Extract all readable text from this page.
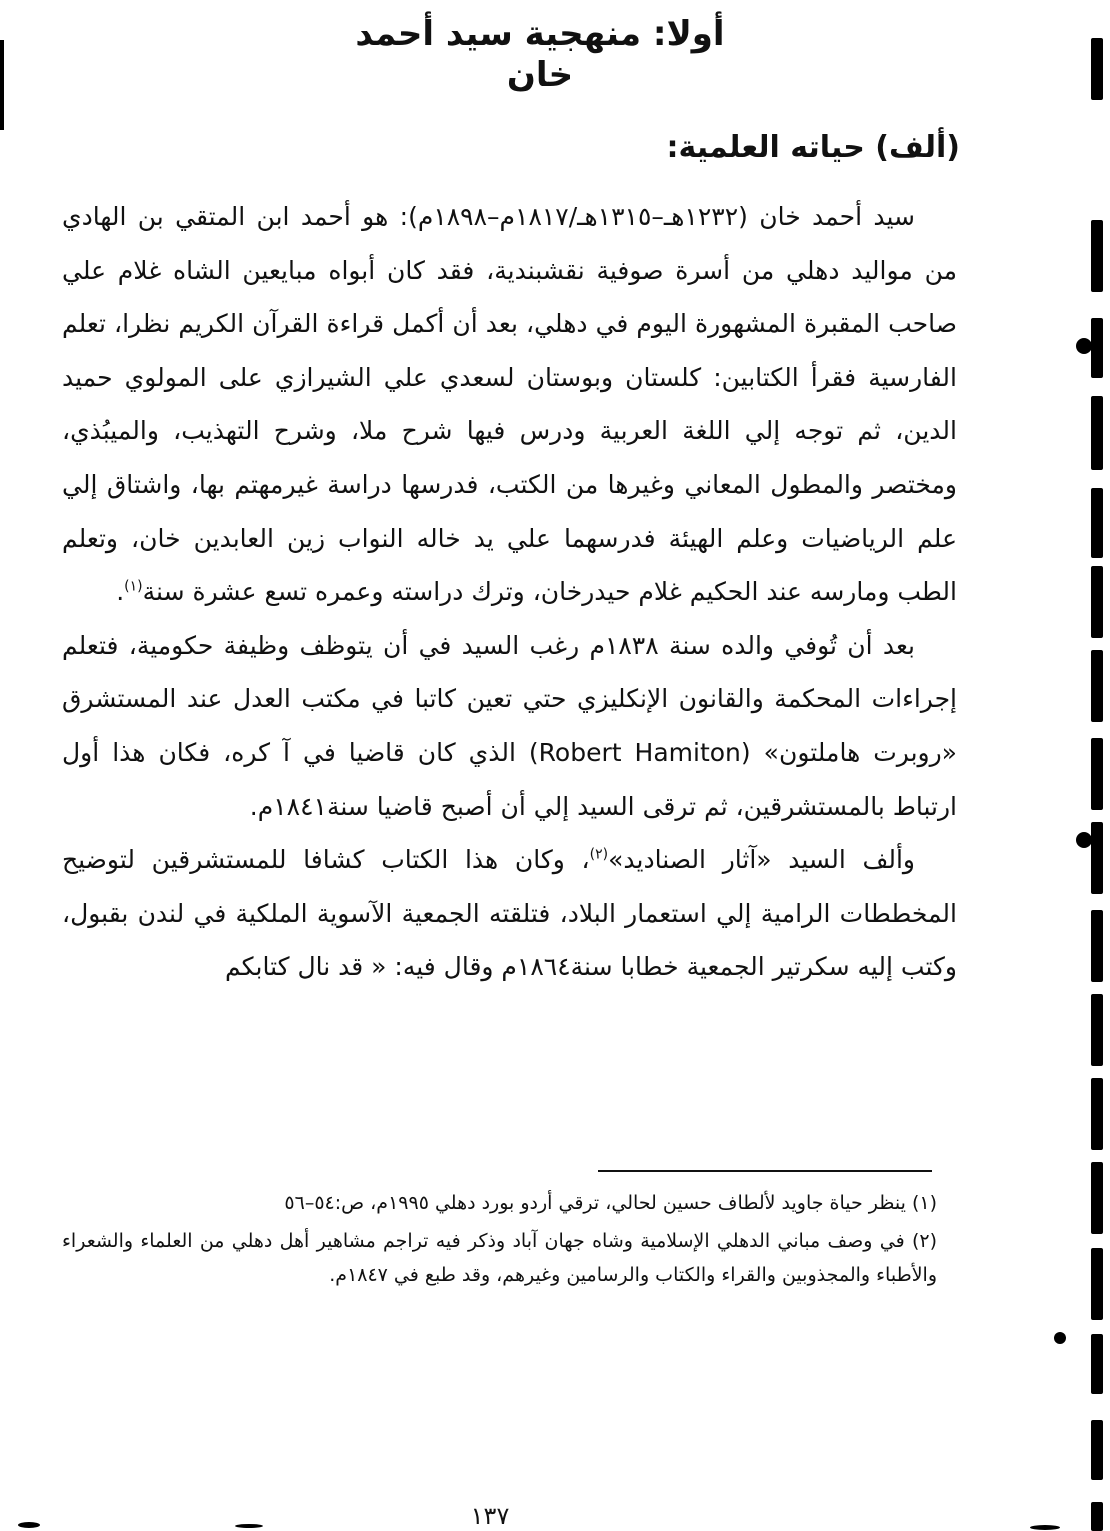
أولا: منهجية سيد أحمد خان
(ألف) حياته العلمية:

سيد أحمد خان (١٢٣٢هـ–١٣١٥هـ/١٨١٧م–١٨٩٨م): هو أحمد ابن المتقي بن الهادي من مواليد دهلي من أسرة صوفية نقشبندية، فقد كان أبواه مبايعين الشاه غلام علي صاحب المقبرة المشهورة اليوم في دهلي، بعد أن أكمل قراءة القرآن الكريم نظرا، تعلم الفارسية فقرأ الكتابين: كلستان وبوستان لسعدي علي الشيرازي على المولوي حميد الدين، ثم توجه إلي اللغة العربية ودرس فيها شرح ملا، وشرح التهذيب، والميبُذي، ومختصر والمطول المعاني وغيرها من الكتب، فدرسها دراسة غيرمهتم بها، واشتاق إلي علم الرياضيات وعلم الهيئة فدرسهما علي يد خاله النواب زين العابدين خان، وتعلم الطب ومارسه عند الحكيم غلام حيدرخان، وترك دراسته وعمره تسع عشرة سنة$^{(١)}$.

بعد أن تُوفي والده سنة ١٨٣٨م رغب السيد في أن يتوظف وظيفة حكومية، فتعلم إجراءات المحكمة والقانون الإنكليزي حتي تعين كاتبا في مكتب العدل عند المستشرق «روبرت هاملتون» (Robert Hamiton) الذي كان قاضيا في آ كره، فكان هذا أول ارتباط بالمستشرقين، ثم ترقى السيد إلي أن أصبح قاضيا سنة١٨٤١م.

وألف السيد «آثار الصناديد»$^{(٢)}$، وكان هذا الكتاب كشافا للمستشرقين لتوضيح المخططات الرامية إلي استعمار البلاد، فتلقته الجمعية الآسوية الملكية في لندن بقبول، وكتب إليه سكرتير الجمعية خطابا سنة١٨٦٤م وقال فيه: « قد نال كتابكم

(١) ينظر حياة جاويد لألطاف حسين لحالي، ترقي أردو بورد دهلي ١٩٩٥م، ص:٥٤–٥٦

(٢) في وصف مباني الدهلي الإسلامية وشاه جهان آباد وذكر فيه تراجم مشاهير أهل دهلي من العلماء والشعراء والأطباء والمجذوبين والقراء والكتاب والرسامين وغيرهم، وقد طبع في ١٨٤٧م.

١٣٧
